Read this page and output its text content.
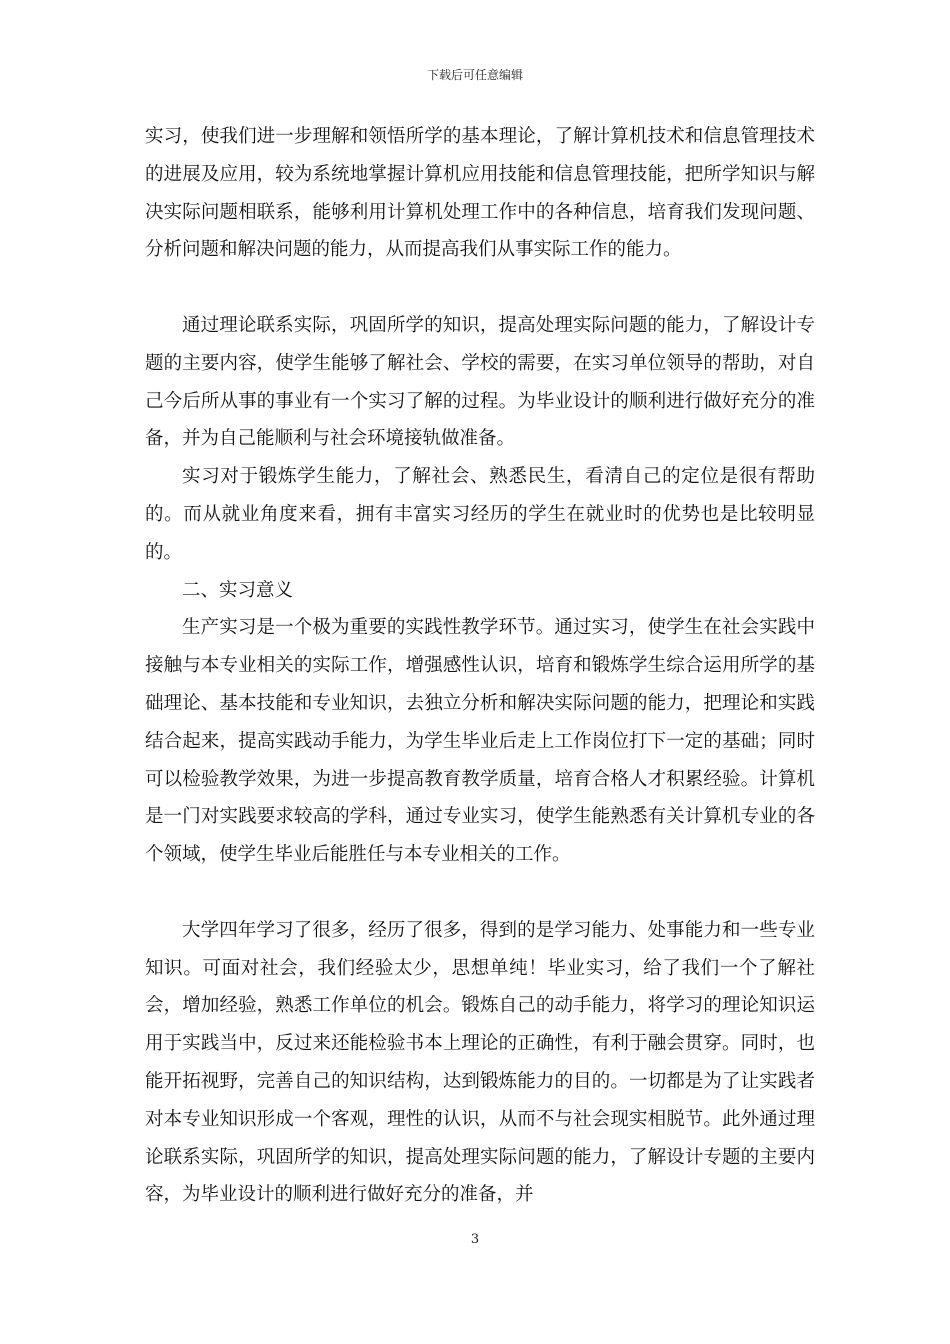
下载后可任意编辑

实习，使我们进一步理解和领悟所学的基本理论，了解计算机技术和信息管理技术的进展及应用，较为系统地掌握计算机应用技能和信息管理技能，把所学知识与解决实际问题相联系，能够利用计算机处理工作中的各种信息，培育我们发现问题、分析问题和解决问题的能力，从而提高我们从事实际工作的能力。

通过理论联系实际，巩固所学的知识，提高处理实际问题的能力，了解设计专题的主要内容，使学生能够了解社会、学校的需要，在实习单位领导的帮助，对自己今后所从事的事业有一个实习了解的过程。为毕业设计的顺利进行做好充分的准备，并为自己能顺利与社会环境接轨做准备。

实习对于锻炼学生能力，了解社会、熟悉民生，看清自己的定位是很有帮助的。而从就业角度来看，拥有丰富实习经历的学生在就业时的优势也是比较明显的。

二、实习意义

生产实习是一个极为重要的实践性教学环节。通过实习，使学生在社会实践中接触与本专业相关的实际工作，增强感性认识，培育和锻炼学生综合运用所学的基础理论、基本技能和专业知识，去独立分析和解决实际问题的能力，把理论和实践结合起来，提高实践动手能力，为学生毕业后走上工作岗位打下一定的基础；同时可以检验教学效果，为进一步提高教育教学质量，培育合格人才积累经验。计算机是一门对实践要求较高的学科，通过专业实习，使学生能熟悉有关计算机专业的各个领域，使学生毕业后能胜任与本专业相关的工作。

大学四年学习了很多，经历了很多，得到的是学习能力、处事能力和一些专业知识。可面对社会，我们经验太少，思想单纯！毕业实习，给了我们一个了解社会，增加经验，熟悉工作单位的机会。锻炼自己的动手能力，将学习的理论知识运用于实践当中，反过来还能检验书本上理论的正确性，有利于融会贯穿。同时，也能开拓视野，完善自己的知识结构，达到锻炼能力的目的。一切都是为了让实践者对本专业知识形成一个客观，理性的认识，从而不与社会现实相脱节。此外通过理论联系实际，巩固所学的知识，提高处理实际问题的能力，了解设计专题的主要内容，为毕业设计的顺利进行做好充分的准备，并

3
